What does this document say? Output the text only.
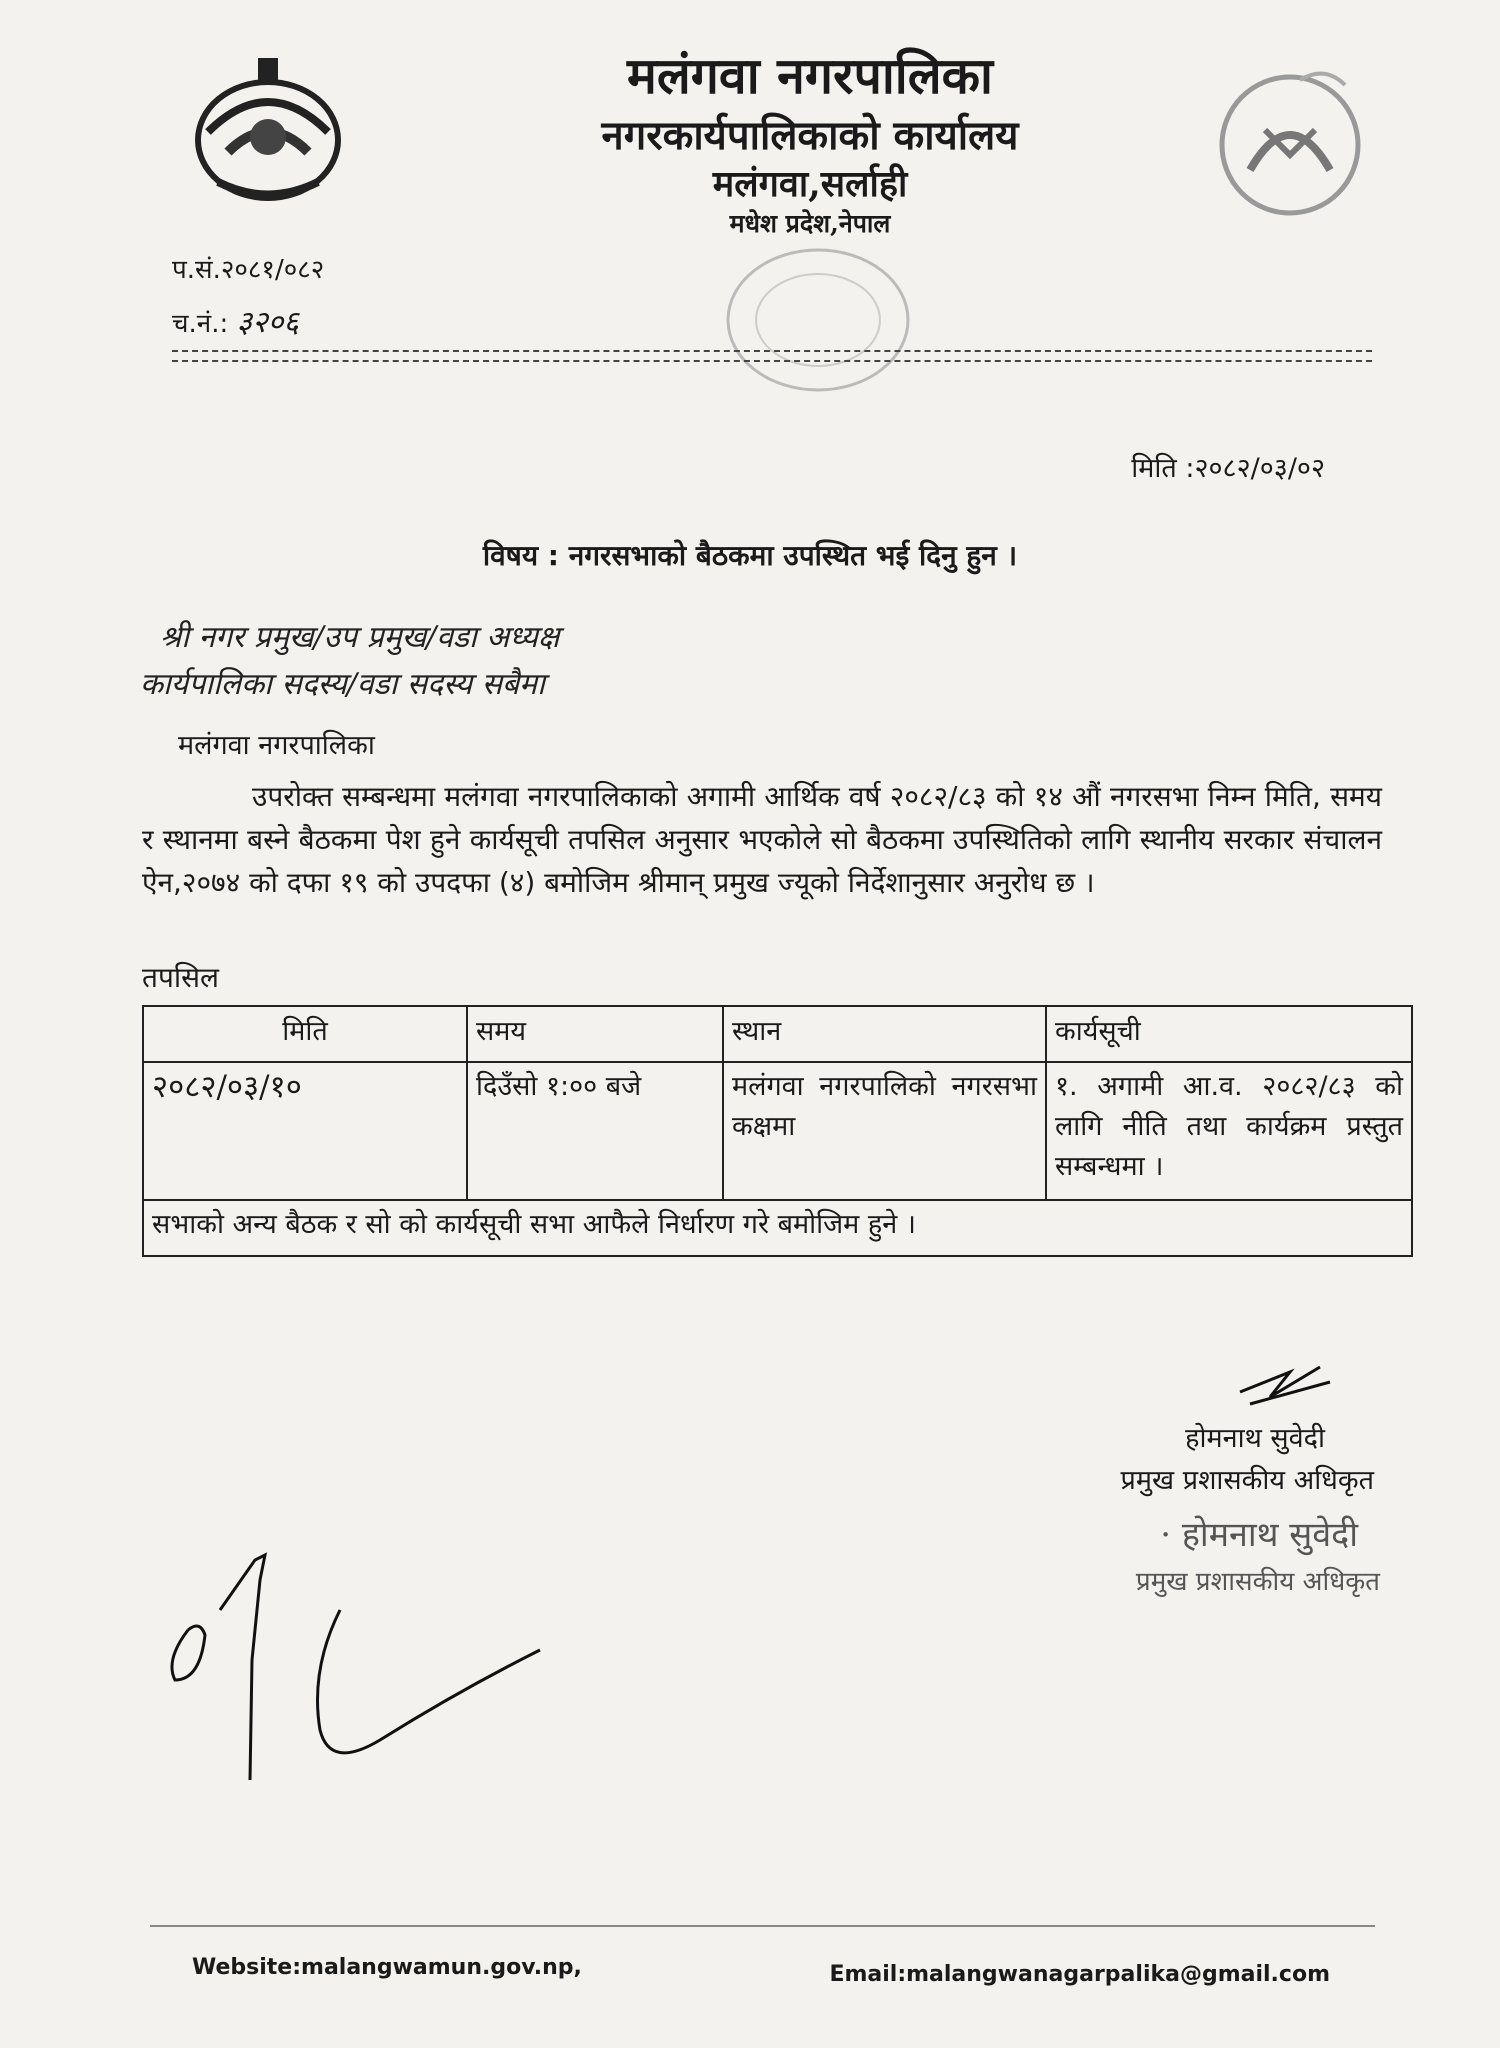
मलंगवा नगरपालिका
नगरकार्यपालिकाको कार्यालय
मलंगवा,सर्लाही
मधेश प्रदेश,नेपाल
प.सं.२०८१/०८२
च.नं.: ३२०६
मिति :२०८२/०३/०२
विषय : नगरसभाको बैठकमा उपस्थित भई दिनु हुन ।
श्री नगर प्रमुख/उप प्रमुख/वडा अध्यक्ष
कार्यपालिका सदस्य/वडा सदस्य सबैमा
मलंगवा नगरपालिका
उपरोक्त सम्बन्धमा मलंगवा नगरपालिकाको अगामी आर्थिक वर्ष २०८२/८३ को १४ औं नगरसभा निम्न मिति, समय र स्थानमा बस्ने बैठकमा पेश हुने कार्यसूची तपसिल अनुसार भएकोले सो बैठकमा उपस्थितिको लागि स्थानीय सरकार संचालन ऐन,२०७४ को दफा १९ को उपदफा (४) बमोजिम श्रीमान् प्रमुख ज्यूको निर्देशानुसार अनुरोध छ ।
तपसिल
मिति	समय	स्थान	कार्यसूची
२०८२/०३/१०	दिउँसो १:०० बजे	मलंगवा नगरपालिको नगरसभा कक्षमा	१. अगामी आ.व. २०८२/८३ को लागि नीति तथा कार्यक्रम प्रस्तुत सम्बन्धमा ।
सभाको अन्य बैठक र सो को कार्यसूची सभा आफैले निर्धारण गरे बमोजिम हुने ।			
होमनाथ सुवेदी
प्रमुख प्रशासकीय अधिकृत
· होमनाथ सुवेदी
प्रमुख प्रशासकीय अधिकृत
Website:malangwamun.gov.np,	Email:malangwanagarpalika@gmail.com
